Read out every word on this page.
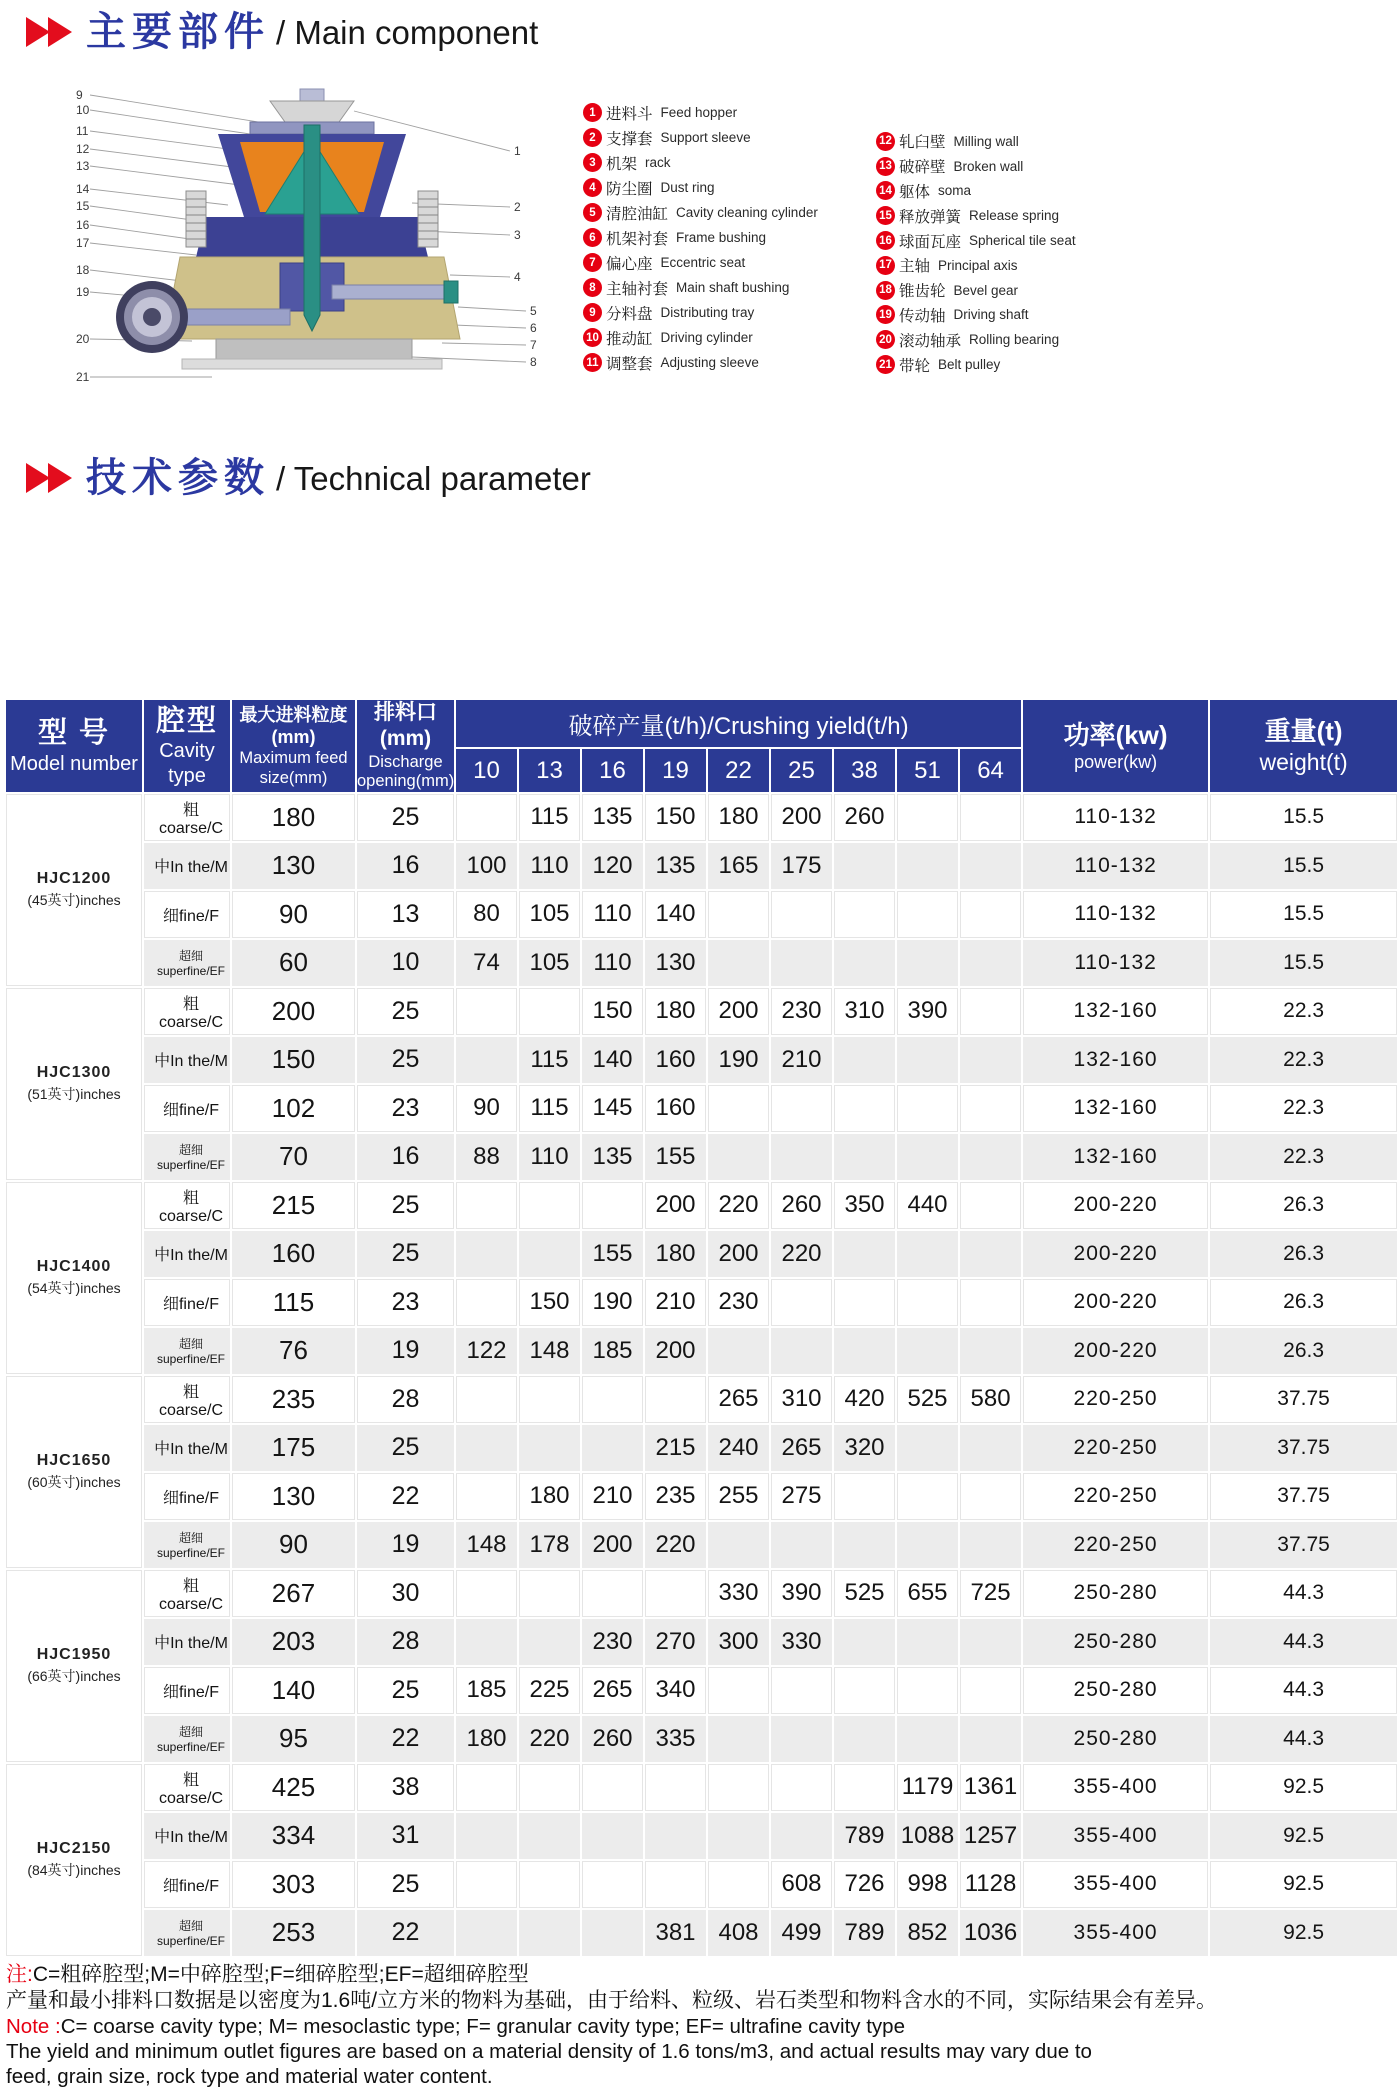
主要部件 / Main component
9
10
11
12
13
14
15
16
17
18
19
20
21
1
2
3
4
5
6
7
8
1 进料斗 Feed hopper
2 支撑套 Support sleeve
3 机架 rack
4 防尘圈 Dust ring
5 清腔油缸 Cavity cleaning cylinder
6 机架衬套 Frame bushing
7 偏心座 Eccentric seat
8 主轴衬套 Main shaft bushing
9 分料盘 Distributing tray
10 推动缸 Driving cylinder
11 调整套 Adjusting sleeve
12 轧臼壁 Milling wall
13 破碎壁 Broken wall
14 躯体 soma
15 释放弹簧 Release spring
16 球面瓦座 Spherical tile seat
17 主轴 Principal axis
18 锥齿轮 Bevel gear
19 传动轴 Driving shaft
20 滚动轴承 Rolling bearing
21 带轮 Belt pulley
技术参数 / Technical parameter
型 号
Model number

腔型
Cavity type

最大进料粒度(mm)
Maximum feed size(mm)

排料口(mm)
Discharge opening(mm)
	破碎产量(t/h)/Crushing yield(t/h)	功率(kw)
power(kw)

重量(t)
weight(t)

				10	13	16	19	22	25	38	51	64		

HJC1200
(45英寸)inches	粗coarse/C	180	25		115	135	150	180	200	260			110-132	15.5
	中In the/M	130	16	100	110	120	135	165	175				110-132	15.5
	细fine/F	90	13	80	105	110	140						110-132	15.5
	超细superfine/EF	60	10	74	105	110	130						110-132	15.5

HJC1300
(51英寸)inches	粗coarse/C	200	25			150	180	200	230	310	390		132-160	22.3
	中In the/M	150	25		115	140	160	190	210				132-160	22.3
	细fine/F	102	23	90	115	145	160						132-160	22.3
	超细superfine/EF	70	16	88	110	135	155						132-160	22.3

HJC1400
(54英寸)inches	粗coarse/C	215	25				200	220	260	350	440		200-220	26.3
	中In the/M	160	25			155	180	200	220				200-220	26.3
	细fine/F	115	23		150	190	210	230					200-220	26.3
	超细superfine/EF	76	19	122	148	185	200						200-220	26.3

HJC1650
(60英寸)inches	粗coarse/C	235	28					265	310	420	525	580	220-250	37.75
	中In the/M	175	25				215	240	265	320			220-250	37.75
	细fine/F	130	22		180	210	235	255	275				220-250	37.75
	超细superfine/EF	90	19	148	178	200	220						220-250	37.75

HJC1950
(66英寸)inches	粗coarse/C	267	30					330	390	525	655	725	250-280	44.3
	中In the/M	203	28			230	270	300	330				250-280	44.3
	细fine/F	140	25	185	225	265	340						250-280	44.3
	超细superfine/EF	95	22	180	220	260	335						250-280	44.3

HJC2150
(84英寸)inches	粗coarse/C	425	38								1179	1361	355-400	92.5
	中In the/M	334	31							789	1088	1257	355-400	92.5
	细fine/F	303	25						608	726	998	1128	355-400	92.5
	超细superfine/EF	253	22				381	408	499	789	852	1036	355-400	92.5
注:C=粗碎腔型;M=中碎腔型;F=细碎腔型;EF=超细碎腔型
产量和最小排料口数据是以密度为1.6吨/立方米的物料为基础，由于给料、粒级、岩石类型和物料含水的不同，实际结果会有差异。
Note :C= coarse cavity type; M= mesoclastic type; F= granular cavity type; EF= ultrafine cavity type
The yield and minimum outlet figures are based on a material density of 1.6 tons/m3, and actual results may vary due to
feed, grain size, rock type and material water content.
